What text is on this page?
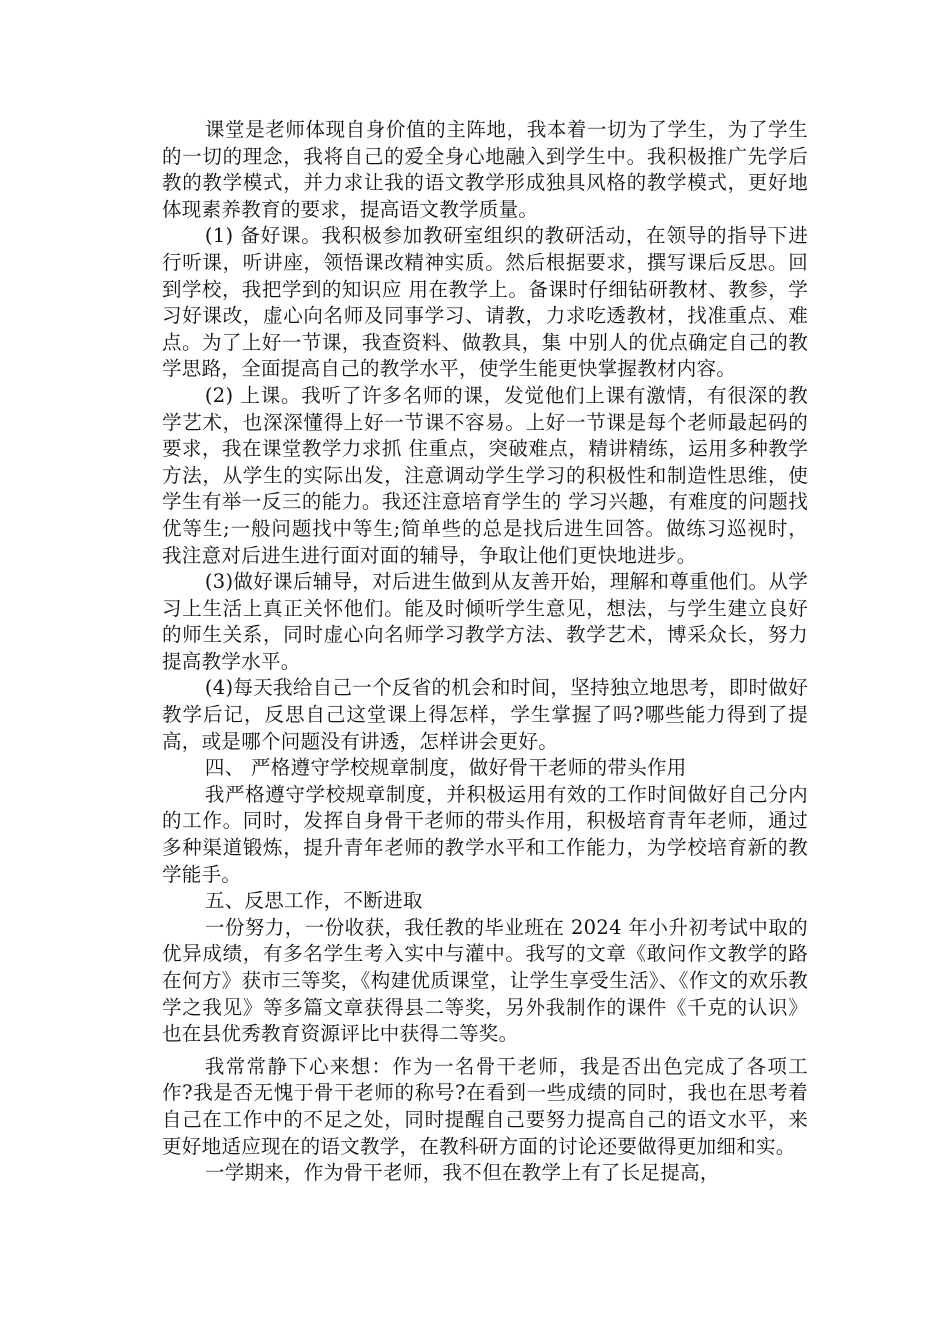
课堂是老师体现自身价值的主阵地，我本着一切为了学生，为了学生的一切的理念，我将自己的爱全身心地融入到学生中。我积极推广先学后教的教学模式，并力求让我的语文教学形成独具风格的教学模式，更好地体现素养教育的要求，提高语文教学质量。

(1) 备好课。我积极参加教研室组织的教研活动，在领导的指导下进行听课，听讲座，领悟课改精神实质。然后根据要求，撰写课后反思。回到学校，我把学到的知识应 用在教学上。备课时仔细钻研教材、教参，学习好课改，虚心向名师及同事学习、请教，力求吃透教材，找准重点、难点。为了上好一节课，我查资料、做教具，集 中别人的优点确定自己的教学思路，全面提高自己的教学水平，使学生能更快掌握教材内容。

(2) 上课。我听了许多名师的课，发觉他们上课有激情，有很深的教学艺术，也深深懂得上好一节课不容易。上好一节课是每个老师最起码的要求，我在课堂教学力求抓 住重点，突破难点，精讲精练，运用多种教学方法，从学生的实际出发，注意调动学生学习的积极性和制造性思维，使学生有举一反三的能力。我还注意培育学生的 学习兴趣，有难度的问题找优等生;一般问题找中等生;简单些的总是找后进生回答。做练习巡视时，我注意对后进生进行面对面的辅导，争取让他们更快地进步。

(3)做好课后辅导，对后进生做到从友善开始，理解和尊重他们。从学习上生活上真正关怀他们。能及时倾听学生意见，想法，与学生建立良好的师生关系，同时虚心向名师学习教学方法、教学艺术，博采众长，努力提高教学水平。

(4)每天我给自己一个反省的机会和时间，坚持独立地思考，即时做好教学后记，反思自己这堂课上得怎样，学生掌握了吗?哪些能力得到了提高，或是哪个问题没有讲透，怎样讲会更好。

四、 严格遵守学校规章制度，做好骨干老师的带头作用

我严格遵守学校规章制度，并积极运用有效的工作时间做好自己分内的工作。同时，发挥自身骨干老师的带头作用，积极培育青年老师，通过多种渠道锻炼，提升青年老师的教学水平和工作能力，为学校培育新的教学能手。

五、反思工作，不断进取

一份努力，一份收获，我任教的毕业班在 2024 年小升初考试中取的优异成绩，有多名学生考入实中与灌中。我写的文章《敢问作文教学的路在何方》获市三等奖，《构建优质课堂，让学生享受生活》、《作文的欢乐教学之我见》等多篇文章获得县二等奖，另外我制作的课件《千克的认识》也在县优秀教育资源评比中获得二等奖。

我常常静下心来想：作为一名骨干老师，我是否出色完成了各项工作?我是否无愧于骨干老师的称号?在看到一些成绩的同时，我也在思考着自己在工作中的不足之处，同时提醒自己要努力提高自己的语文水平，来更好地适应现在的语文教学，在教科研方面的讨论还要做得更加细和实。

一学期来，作为骨干老师，我不但在教学上有了长足提高，
